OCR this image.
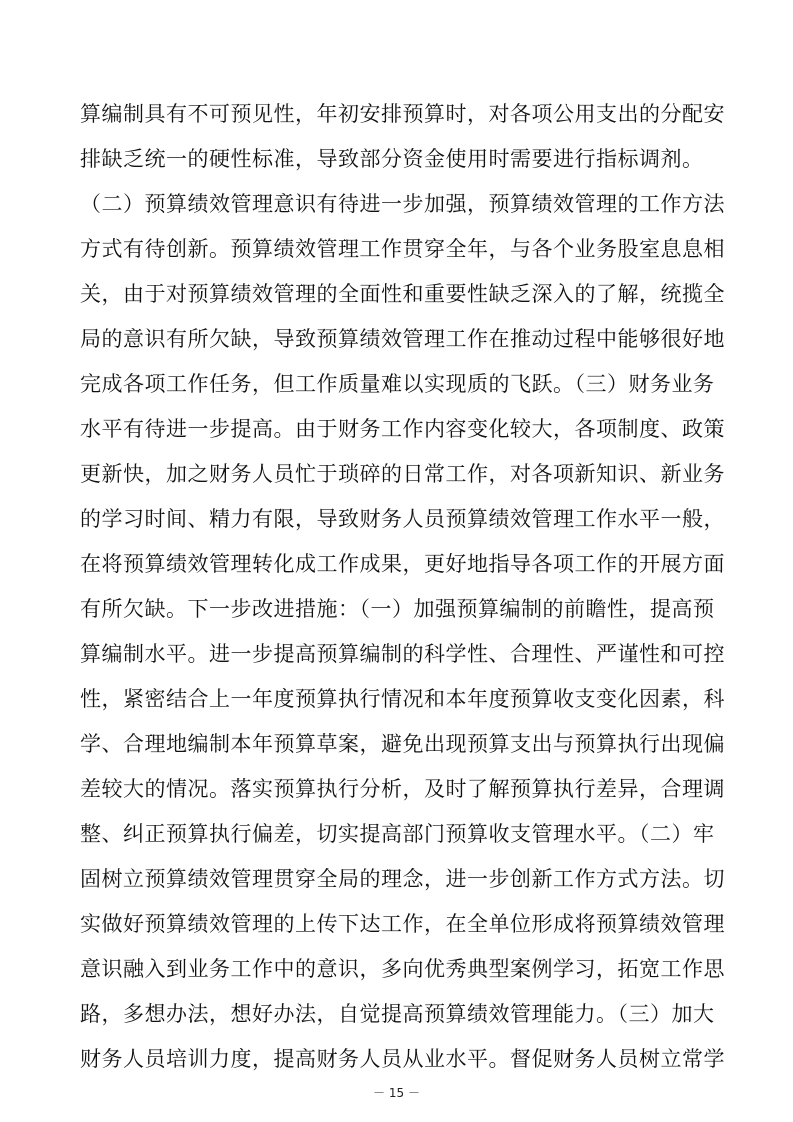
算编制具有不可预见性，年初安排预算时，对各项公用支出的分配安
排缺乏统一的硬性标准，导致部分资金使用时需要进行指标调剂。
（二）预算绩效管理意识有待进一步加强，预算绩效管理的工作方法
方式有待创新。预算绩效管理工作贯穿全年，与各个业务股室息息相
关，由于对预算绩效管理的全面性和重要性缺乏深入的了解，统揽全
局的意识有所欠缺，导致预算绩效管理工作在推动过程中能够很好地
完成各项工作任务，但工作质量难以实现质的飞跃。（三）财务业务
水平有待进一步提高。由于财务工作内容变化较大，各项制度、政策
更新快，加之财务人员忙于琐碎的日常工作，对各项新知识、新业务
的学习时间、精力有限，导致财务人员预算绩效管理工作水平一般，
在将预算绩效管理转化成工作成果，更好地指导各项工作的开展方面
有所欠缺。下一步改进措施：（一）加强预算编制的前瞻性，提高预
算编制水平。进一步提高预算编制的科学性、合理性、严谨性和可控
性，紧密结合上一年度预算执行情况和本年度预算收支变化因素，科
学、合理地编制本年预算草案，避免出现预算支出与预算执行出现偏
差较大的情况。落实预算执行分析，及时了解预算执行差异，合理调
整、纠正预算执行偏差，切实提高部门预算收支管理水平。（二）牢
固树立预算绩效管理贯穿全局的理念，进一步创新工作方式方法。切
实做好预算绩效管理的上传下达工作，在全单位形成将预算绩效管理
意识融入到业务工作中的意识，多向优秀典型案例学习，拓宽工作思
路，多想办法，想好办法，自觉提高预算绩效管理能力。（三）加大
财务人员培训力度，提高财务人员从业水平。督促财务人员树立常学
－ 15 －
